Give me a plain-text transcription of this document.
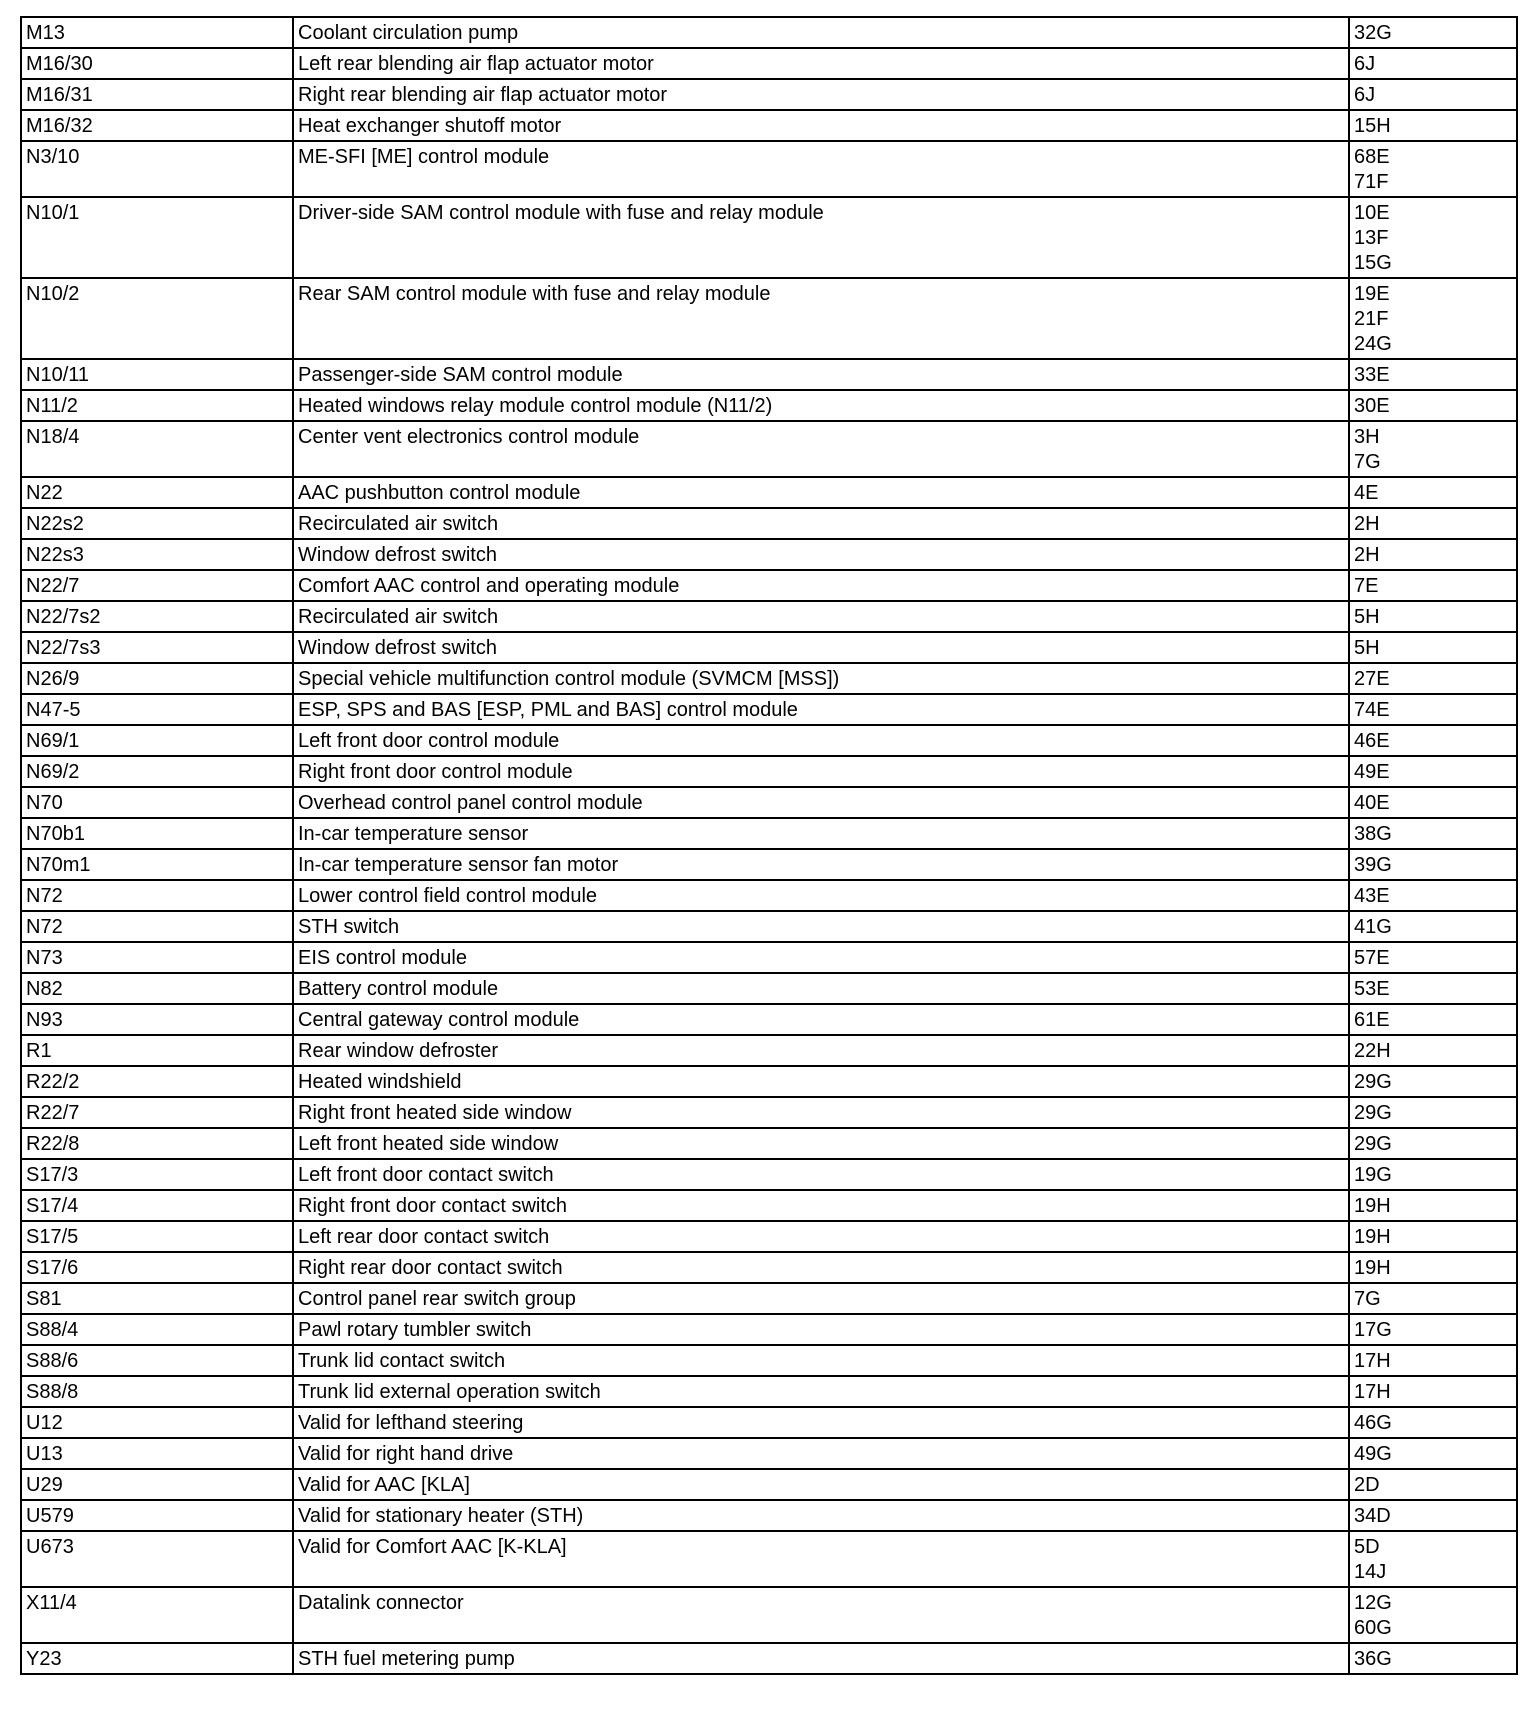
M13	Coolant circulation pump	32G

M16/30	Left rear blending air flap actuator motor	6J

M16/31	Right rear blending air flap actuator motor	6J

M16/32	Heat exchanger shutoff motor	15H

N3/10	ME-SFI [ME] control module	68E
71F

N10/1	Driver-side SAM control module with fuse and relay module	10E
13F
15G

N10/2	Rear SAM control module with fuse and relay module	19E
21F
24G

N10/11	Passenger-side SAM control module	33E

N11/2	Heated windows relay module control module (N11/2)	30E

N18/4	Center vent electronics control module	3H
7G

N22	AAC pushbutton control module	4E

N22s2	Recirculated air switch	2H

N22s3	Window defrost switch	2H

N22/7	Comfort AAC control and operating module	7E

N22/7s2	Recirculated air switch	5H

N22/7s3	Window defrost switch	5H

N26/9	Special vehicle multifunction control module (SVMCM [MSS])	27E

N47-5	ESP, SPS and BAS [ESP, PML and BAS] control module	74E

N69/1	Left front door control module	46E

N69/2	Right front door control module	49E

N70	Overhead control panel control module	40E

N70b1	In-car temperature sensor	38G

N70m1	In-car temperature sensor fan motor	39G

N72	Lower control field control module	43E

N72	STH switch	41G

N73	EIS control module	57E

N82	Battery control module	53E

N93	Central gateway control module	61E

R1	Rear window defroster	22H

R22/2	Heated windshield	29G

R22/7	Right front heated side window	29G

R22/8	Left front heated side window	29G

S17/3	Left front door contact switch	19G

S17/4	Right front door contact switch	19H

S17/5	Left rear door contact switch	19H

S17/6	Right rear door contact switch	19H

S81	Control panel rear switch group	7G

S88/4	Pawl rotary tumbler switch	17G

S88/6	Trunk lid contact switch	17H

S88/8	Trunk lid external operation switch	17H

U12	Valid for lefthand steering	46G

U13	Valid for right hand drive	49G

U29	Valid for AAC [KLA]	2D

U579	Valid for stationary heater (STH)	34D

U673	Valid for Comfort AAC [K-KLA]	5D
14J

X11/4	Datalink connector	12G
60G

Y23	STH fuel metering pump	36G
